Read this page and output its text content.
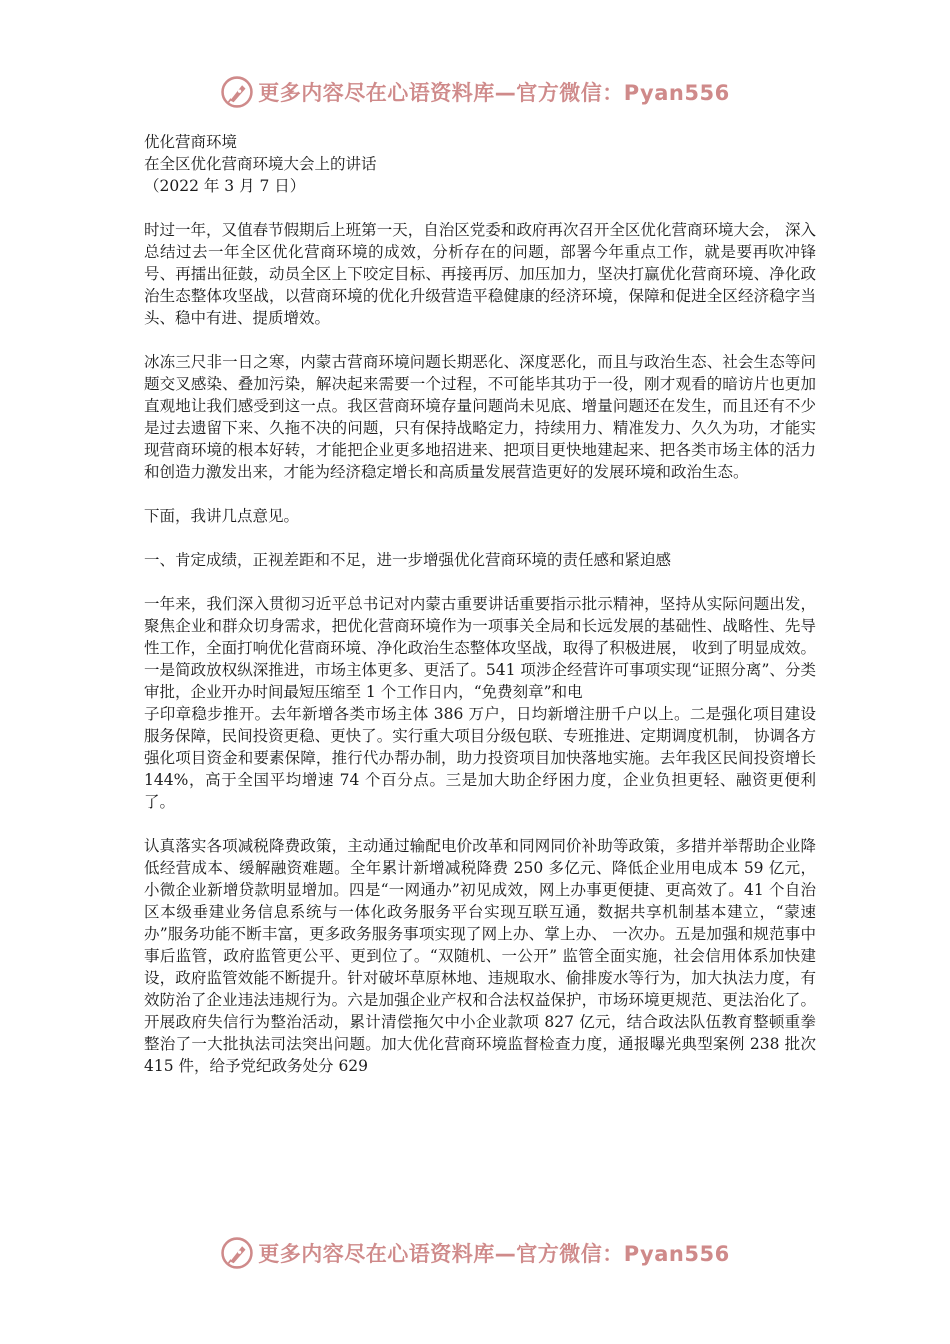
更多内容尽在心语资料库—官方微信：Pyan556
优化营商环境
在全区优化营商环境大会上的讲话
（2022 年 3 月 7 日）

时过一年，又值春节假期后上班第一天，自治区党委和政府再次召开全区优化营商环境大会， 深入总结过去一年全区优化营商环境的成效，分析存在的问题，部署今年重点工作，就是要再吹冲锋号、再擂出征鼓，动员全区上下咬定目标、再接再厉、加压加力，坚决打赢优化营商环境、净化政治生态整体攻坚战，以营商环境的优化升级营造平稳健康的经济环境，保障和促进全区经济稳字当头、稳中有进、提质增效。

冰冻三尺非一日之寒，内蒙古营商环境问题长期恶化、深度恶化，而且与政治生态、社会生态等问题交叉感染、叠加污染，解决起来需要一个过程，不可能毕其功于一役，刚才观看的暗访片也更加直观地让我们感受到这一点。我区营商环境存量问题尚未见底、增量问题还在发生，而且还有不少是过去遗留下来、久拖不决的问题，只有保持战略定力，持续用力、精准发力、久久为功，才能实现营商环境的根本好转，才能把企业更多地招进来、把项目更快地建起来、把各类市场主体的活力和创造力激发出来，才能为经济稳定增长和高质量发展营造更好的发展环境和政治生态。

下面，我讲几点意见。

一、肯定成绩，正视差距和不足，进一步增强优化营商环境的责任感和紧迫感

一年来，我们深入贯彻习近平总书记对内蒙古重要讲话重要指示批示精神，坚持从实际问题出发，聚焦企业和群众切身需求，把优化营商环境作为一项事关全局和长远发展的基础性、战略性、先导性工作，全面打响优化营商环境、净化政治生态整体攻坚战，取得了积极进展， 收到了明显成效。一是简政放权纵深推进，市场主体更多、更活了。541 项涉企经营许可事项实现“证照分离”、分类审批，企业开办时间最短压缩至 1 个工作日内，“免费刻章”和电

子印章稳步推开。去年新增各类市场主体 386 万户，日均新增注册千户以上。二是强化项目建设服务保障，民间投资更稳、更快了。实行重大项目分级包联、专班推进、定期调度机制， 协调各方强化项目资金和要素保障，推行代办帮办制，助力投资项目加快落地实施。去年我区民间投资增长 144%，高于全国平均增速 74 个百分点。三是加大助企纾困力度，企业负担更轻、融资更便利了。

认真落实各项减税降费政策，主动通过输配电价改革和同网同价补助等政策，多措并举帮助企业降低经营成本、缓解融资难题。全年累计新增减税降费 250 多亿元、降低企业用电成本 59 亿元，小微企业新增贷款明显增加。四是“一网通办”初见成效，网上办事更便捷、更高效了。41 个自治区本级垂建业务信息系统与一体化政务服务平台实现互联互通，数据共享机制基本建立，“蒙速办”服务功能不断丰富，更多政务服务事项实现了网上办、掌上办、 一次办。五是加强和规范事中事后监管，政府监管更公平、更到位了。“双随机、一公开” 监管全面实施，社会信用体系加快建设，政府监管效能不断提升。针对破坏草原林地、违规取水、偷排废水等行为，加大执法力度，有效防治了企业违法违规行为。六是加强企业产权和合法权益保护，市场环境更规范、更法治化了。开展政府失信行为整治活动，累计清偿拖欠中小企业款项 827 亿元，结合政法队伍教育整顿重拳整治了一大批执法司法突出问题。加大优化营商环境监督检查力度，通报曝光典型案例 238 批次 415 件，给予党纪政务处分 629

更多内容尽在心语资料库—官方微信：Pyan556
